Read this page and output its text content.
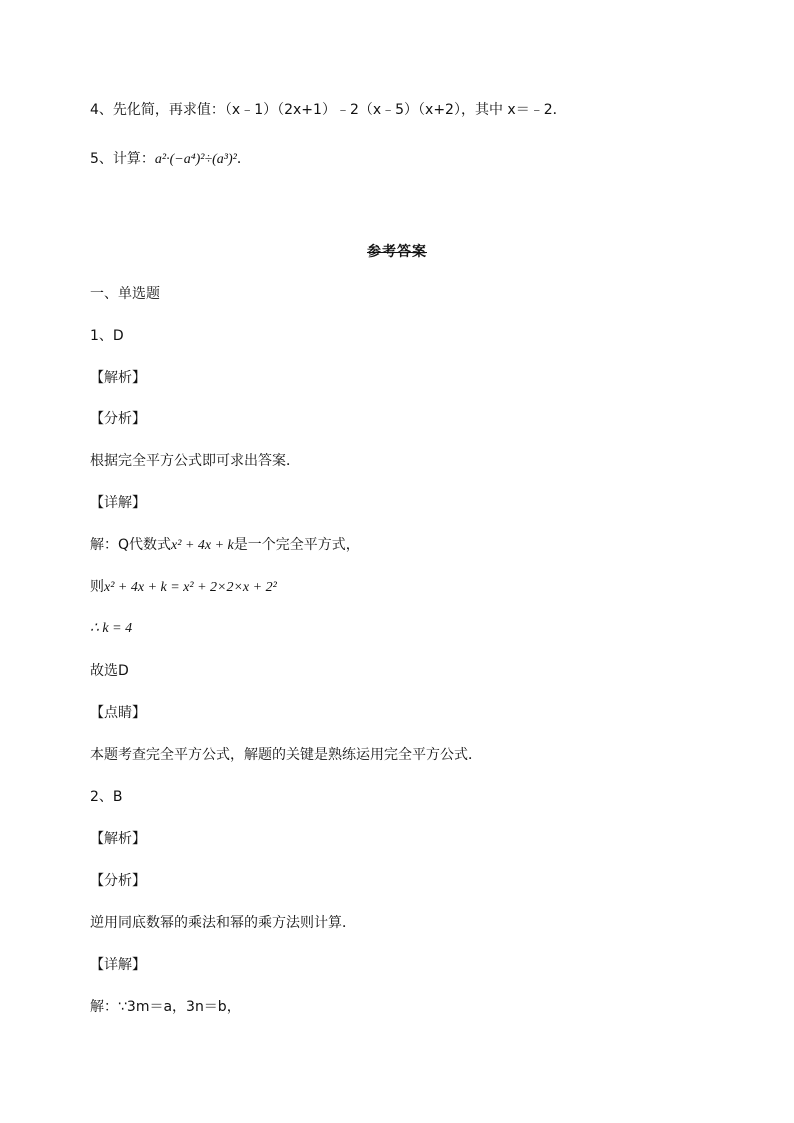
4、先化简，再求值：（x﹣1）（2x+1）﹣2（x﹣5）（x+2），其中 x＝﹣2．
5、计算：a²·(−a⁴)²÷(a³)²．
参考答案
一、单选题
1、D
【解析】
【分析】
根据完全平方公式即可求出答案．
【详解】
解：Q代数式x² + 4x + k是一个完全平方式，
则x² + 4x + k = x² + 2×2×x + 2²
∴ k = 4
故选D
【点睛】
本题考查完全平方公式，解题的关键是熟练运用完全平方公式．
2、B
【解析】
【分析】
逆用同底数幂的乘法和幂的乘方法则计算．
【详解】
解：∵3m＝a，3n＝b，
